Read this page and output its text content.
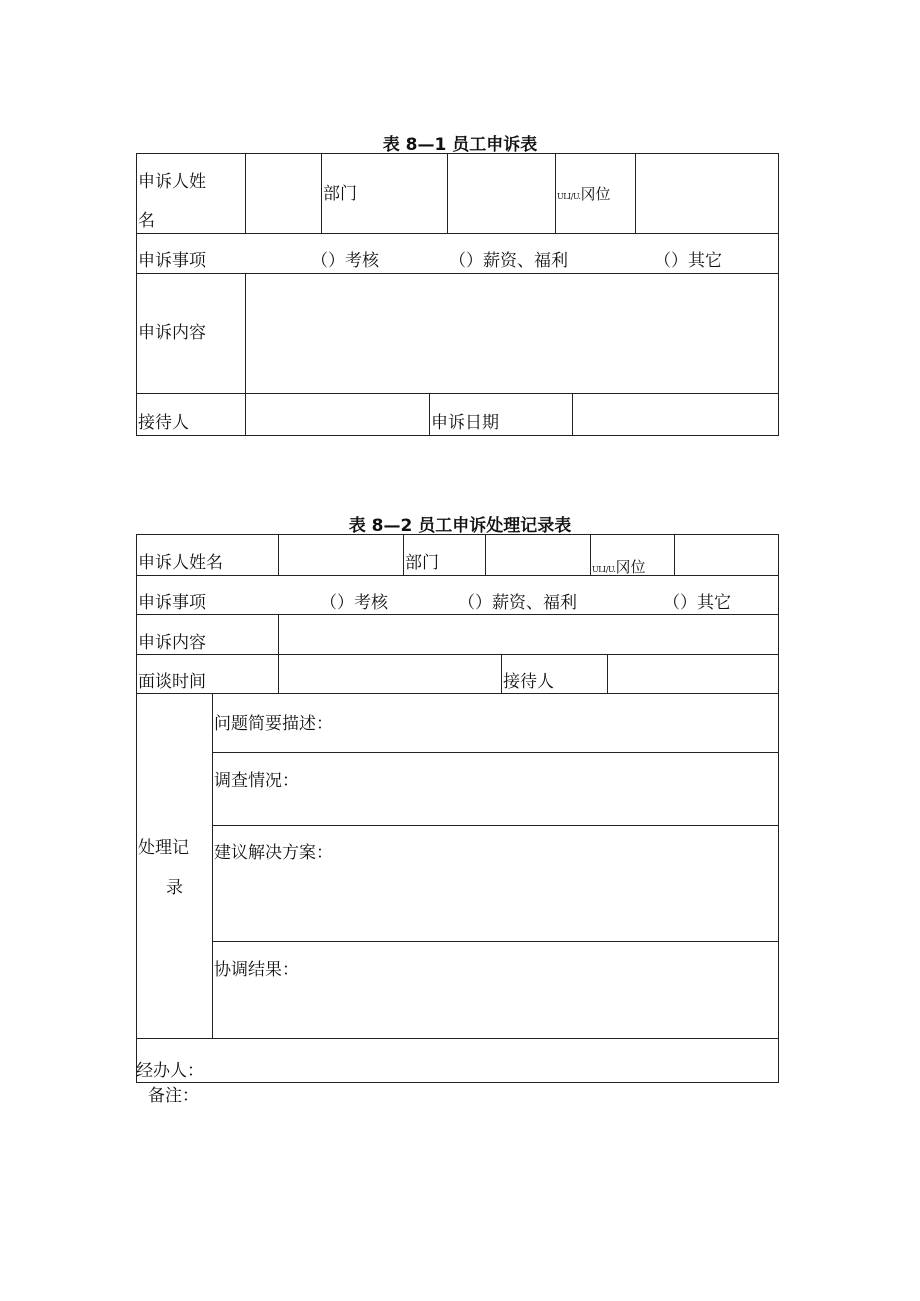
表 8—1 员工申诉表
申诉人姓
名
部门	ULI/U.冈位
申诉事项	（）考核	（）薪资、福利	（）其它
申诉内容
接待人	申诉日期
表 8—2 员工申诉处理记录表
申诉人姓名	部门	ULI/U.冈位
申诉事项	（）考核	（）薪资、福利	（）其它
申诉内容
面谈时间	接待人
处理记
录
问题简要描述：
调查情况：
建议解决方案：
协调结果：
经办人：
备注：
